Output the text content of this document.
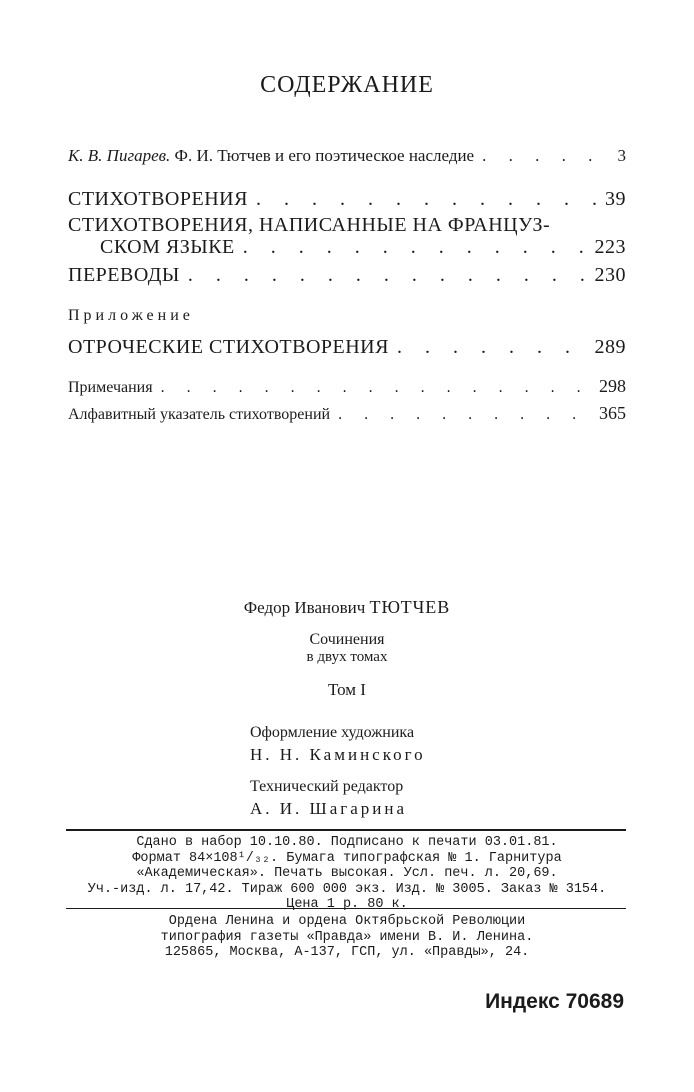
СОДЕРЖАНИЕ
К. В. Пигарев. Ф. И. Тютчев и его поэтическое наследие . . .	3
СТИХОТВОРЕНИЯ . . .	39
СТИХОТВОРЕНИЯ, НАПИСАННЫЕ НА ФРАНЦУЗ-
СКОМ ЯЗЫКЕ . . .	223
ПЕРЕВОДЫ . . .	230
Приложение
ОТРОЧЕСКИЕ СТИХОТВОРЕНИЯ . . .	289
Примечания . . .	298
Алфавитный указатель стихотворений . . .	365
Федор Иванович ТЮТЧЕВ
Сочинения
в двух томах
Том I
Оформление художника
Н. Н. Каминского
Технический редактор
А. И. Шагарина
Сдано в набор 10.10.80. Подписано к печати 03.01.81.
Формат 84×108¹/₃₂. Бумага типографская № 1. Гарнитура
«Академическая». Печать высокая. Усл. печ. л. 20,69.
Уч.-изд. л. 17,42. Тираж 600 000 экз. Изд. № 3005. Заказ № 3154.
Цена 1 р. 80 к.
Ордена Ленина и ордена Октябрьской Революции
типография газеты «Правда» имени В. И. Ленина.
125865, Москва, А-137, ГСП, ул. «Правды», 24.
Индекс 70689
